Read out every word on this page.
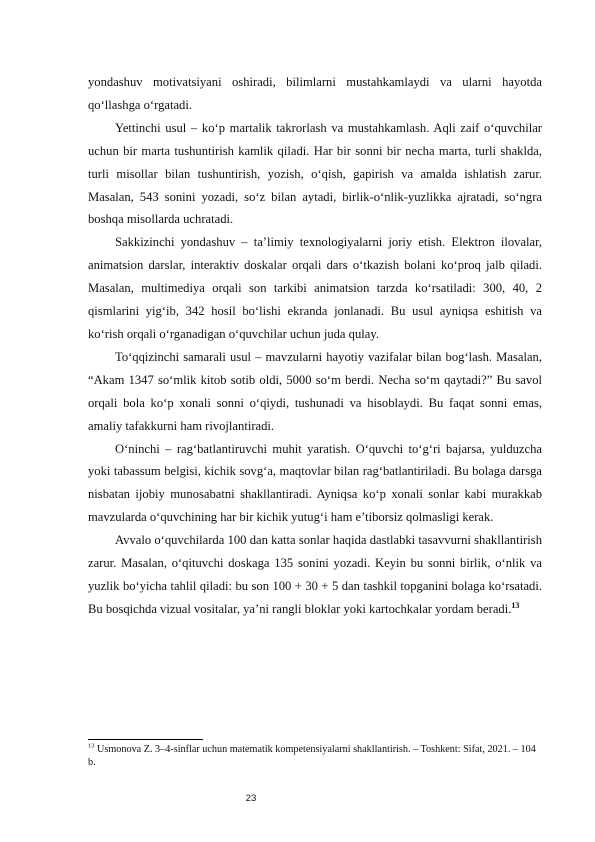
yondashuv motivatsiyani oshiradi, bilimlarni mustahkamlaydi va ularni hayotda qo‘llashga o‘rgatadi.

Yettinchi usul – ko‘p martalik takrorlash va mustahkamlash. Aqli zaif o‘quvchilar uchun bir marta tushuntirish kamlik qiladi. Har bir sonni bir necha marta, turli shaklda, turli misollar bilan tushuntirish, yozish, o‘qish, gapirish va amalda ishlatish zarur. Masalan, 543 sonini yozadi, so‘z bilan aytadi, birlik-o‘nlik-yuzlikka ajratadi, so‘ngra boshqa misollarda uchratadi.

Sakkizinchi yondashuv – ta’limiy texnologiyalarni joriy etish. Elektron ilovalar, animatsion darslar, interaktiv doskalar orqali dars o‘tkazish bolani ko‘proq jalb qiladi. Masalan, multimediya orqali son tarkibi animatsion tarzda ko‘rsatiladi: 300, 40, 2 qismlarini yig‘ib, 342 hosil bo‘lishi ekranda jonlanadi. Bu usul ayniqsa eshitish va ko‘rish orqali o‘rganadigan o‘quvchilar uchun juda qulay.

To‘qqizinchi samarali usul – mavzularni hayotiy vazifalar bilan bog‘lash. Masalan, “Akam 1347 so‘mlik kitob sotib oldi, 5000 so‘m berdi. Necha so‘m qaytadi?” Bu savol orqali bola ko‘p xonali sonni o‘qiydi, tushunadi va hisoblaydi. Bu faqat sonni emas, amaliy tafakkurni ham rivojlantiradi.

O‘ninchi – rag‘batlantiruvchi muhit yaratish. O‘quvchi to‘g‘ri bajarsa, yulduzcha yoki tabassum belgisi, kichik sovg‘a, maqtovlar bilan rag‘batlantiriladi. Bu bolaga darsga nisbatan ijobiy munosabatni shakllantiradi. Ayniqsa ko‘p xonali sonlar kabi murakkab mavzularda o‘quvchining har bir kichik yutug‘i ham e’tiborsiz qolmasligi kerak.

Avvalo o‘quvchilarda 100 dan katta sonlar haqida dastlabki tasavvurni shakllantirish zarur. Masalan, o‘qituvchi doskaga 135 sonini yozadi. Keyin bu sonni birlik, o‘nlik va yuzlik bo‘yicha tahlil qiladi: bu son 100 + 30 + 5 dan tashkil topganini bolaga ko‘rsatadi. Bu bosqichda vizual vositalar, ya’ni rangli bloklar yoki kartochkalar yordam beradi.$^{13}$

$^{13}$ Usmonova Z. 3–4-sinflar uchun matematik kompetensiyalarni shakllantirish. – Toshkent: Sifat, 2021. – 104 b.

23
